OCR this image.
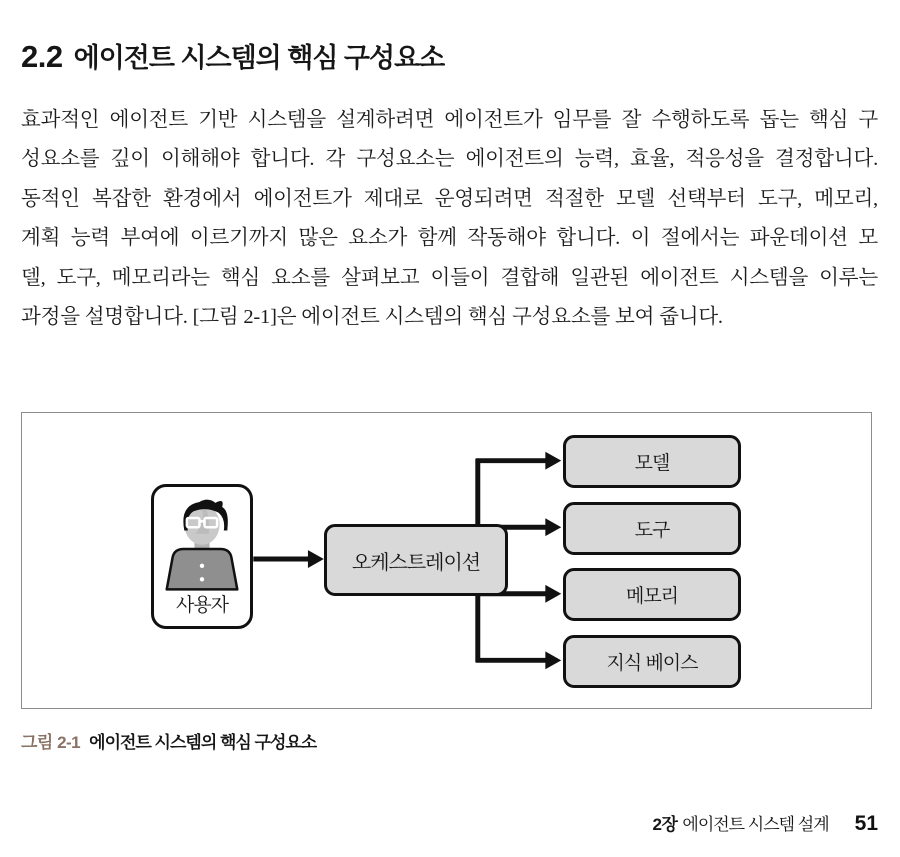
2.2 에이전트 시스템의 핵심 구성요소
효과적인 에이전트 기반 시스템을 설계하려면 에이전트가 임무를 잘 수행하도록 돕는 핵심 구
성요소를 깊이 이해해야 합니다. 각 구성요소는 에이전트의 능력, 효율, 적응성을 결정합니다.
동적인 복잡한 환경에서 에이전트가 제대로 운영되려면 적절한 모델 선택부터 도구, 메모리,
계획 능력 부여에 이르기까지 많은 요소가 함께 작동해야 합니다. 이 절에서는 파운데이션 모
델, 도구, 메모리라는 핵심 요소를 살펴보고 이들이 결합해 일관된 에이전트 시스템을 이루는
과정을 설명합니다. [그림 2-1]은 에이전트 시스템의 핵심 구성요소를 보여 줍니다.
사용자
오케스트레이션
모델
도구
메모리
지식 베이스
그림 2-1 에이전트 시스템의 핵심 구성요소
2장 에이전트 시스템 설계 51
